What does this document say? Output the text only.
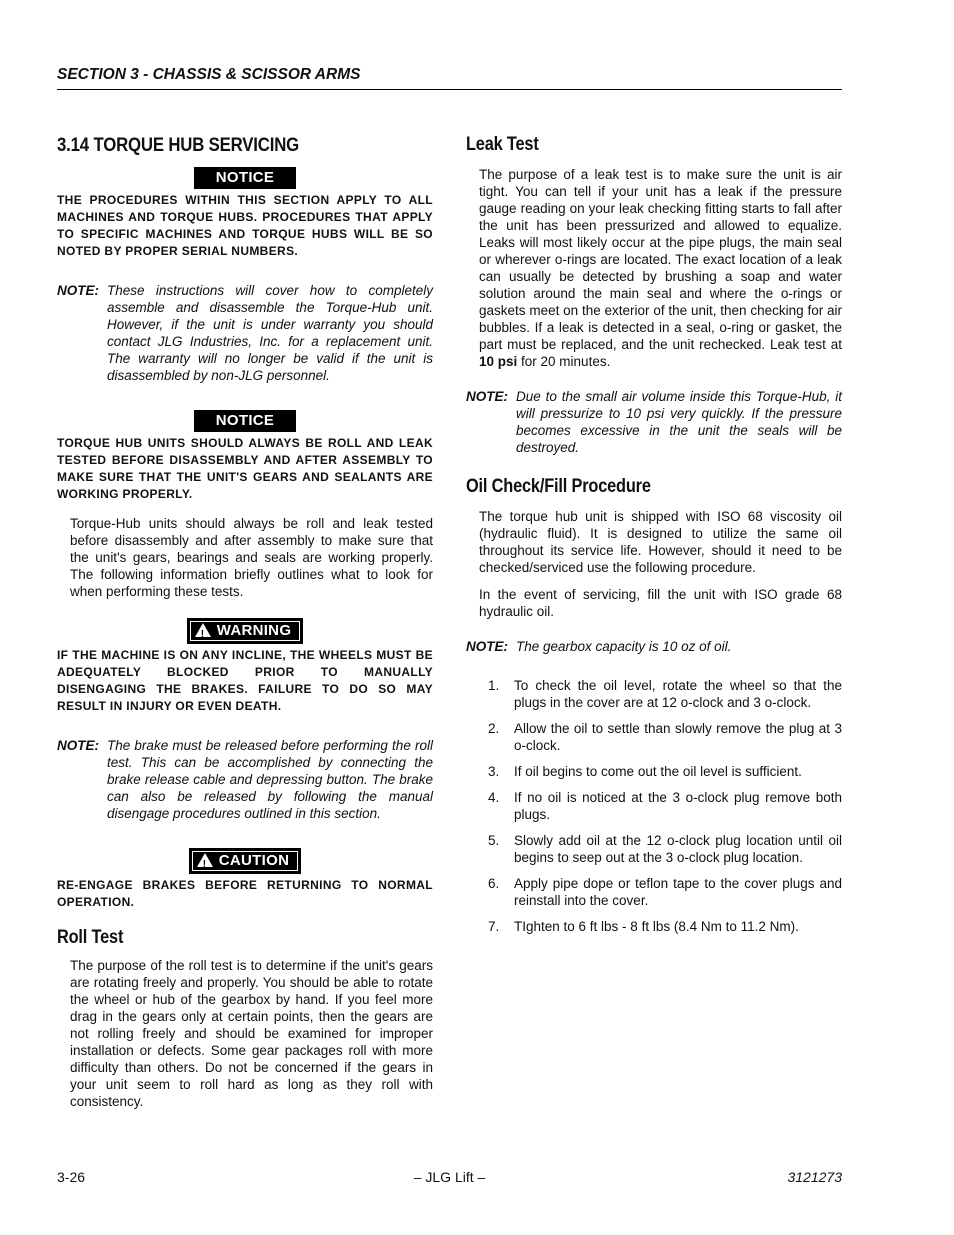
SECTION 3 - CHASSIS & SCISSOR ARMS
3.14 TORQUE HUB SERVICING
NOTICE
THE PROCEDURES WITHIN THIS SECTION APPLY TO ALL MACHINES AND TORQUE HUBS. PROCEDURES THAT APPLY TO SPECIFIC MACHINES AND TORQUE HUBS WILL BE SO NOTED BY PROPER SERIAL NUMBERS.
NOTE: These instructions will cover how to completely assemble and disassemble the Torque-Hub unit. However, if the unit is under warranty you should contact JLG Industries, Inc. for a replacement unit. The warranty will no longer be valid if the unit is disassembled by non-JLG personnel.
NOTICE
TORQUE HUB UNITS SHOULD ALWAYS BE ROLL AND LEAK TESTED BEFORE DISASSEMBLY AND AFTER ASSEMBLY TO MAKE SURE THAT THE UNIT'S GEARS AND SEALANTS ARE WORKING PROPERLY.

Torque-Hub units should always be roll and leak tested before disassembly and after assembly to make sure that the unit's gears, bearings and seals are working properly. The following information briefly outlines what to look for when performing these tests.

!WARNING
IF THE MACHINE IS ON ANY INCLINE, THE WHEELS MUST BE ADEQUATELY BLOCKED PRIOR TO MANUALLY DISENGAGING THE BRAKES. FAILURE TO DO SO MAY RESULT IN INJURY OR EVEN DEATH.
NOTE: The brake must be released before performing the roll test. This can be accomplished by connecting the brake release cable and depressing button. The brake can also be released by following the manual disengage procedures outlined in this section.
!CAUTION
RE-ENGAGE BRAKES BEFORE RETURNING TO NORMAL OPERATION.
Roll Test

The purpose of the roll test is to determine if the unit's gears are rotating freely and properly. You should be able to rotate the wheel or hub of the gearbox by hand. If you feel more drag in the gears only at certain points, then the gears are not rolling freely and should be examined for improper installation or defects. Some gear packages roll with more difficulty than others. Do not be concerned if the gears in your unit seem to roll hard as long as they roll with consistency.

Leak Test

The purpose of a leak test is to make sure the unit is air tight. You can tell if your unit has a leak if the pressure gauge reading on your leak checking fitting starts to fall after the unit has been pressurized and allowed to equalize. Leaks will most likely occur at the pipe plugs, the main seal or wherever o-rings are located. The exact location of a leak can usually be detected by brushing a soap and water solution around the main seal and where the o-rings or gaskets meet on the exterior of the unit, then checking for air bubbles. If a leak is detected in a seal, o-ring or gasket, the part must be replaced, and the unit rechecked. Leak test at 10 psi for 20 minutes.

NOTE: Due to the small air volume inside this Torque-Hub, it will pressurize to 10 psi very quickly. If the pressure becomes excessive in the unit the seals will be destroyed.
Oil Check/Fill Procedure

The torque hub unit is shipped with ISO 68 viscosity oil (hydraulic fluid). It is designed to utilize the same oil throughout its service life. However, should it need to be checked/serviced use the following procedure.

In the event of servicing, fill the unit with ISO grade 68 hydraulic oil.

NOTE: The gearbox capacity is 10 oz of oil.
1.	To check the oil level, rotate the wheel so that the plugs in the cover are at 12 o-clock and 3 o-clock.
2.	Allow the oil to settle than slowly remove the plug at 3 o-clock.
3.	If oil begins to come out the oil level is sufficient.
4.	If no oil is noticed at the 3 o-clock plug remove both plugs.
5.	Slowly add oil at the 12 o-clock plug location until oil begins to seep out at the 3 o-clock plug location.
6.	Apply pipe dope or teflon tape to the cover plugs and reinstall into the cover.
7.	TIghten to 6 ft lbs - 8 ft lbs (8.4 Nm to 11.2 Nm).
3-26	– JLG Lift –	3121273
